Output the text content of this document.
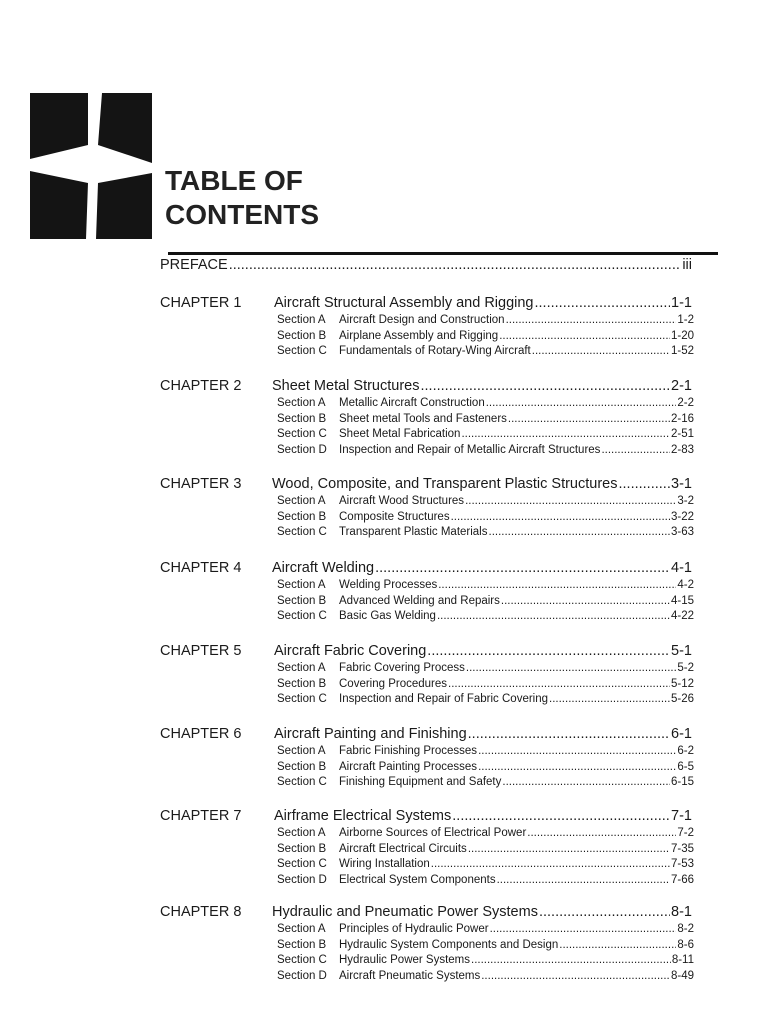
TABLE OF
CONTENTS
PREFACE .....	iii
CHAPTER 1 Aircraft Structural Assembly and Rigging .....	1-1
Section A Aircraft Design and Construction .....	1-2
Section B Airplane Assembly and Rigging .....	1-20
Section C Fundamentals of Rotary-Wing Aircraft .....	1-52
CHAPTER 2 Sheet Metal Structures .....	2-1
Section A Metallic Aircraft Construction .....	2-2
Section B Sheet metal Tools and Fasteners .....	2-16
Section C Sheet Metal Fabrication .....	2-51
Section D Inspection and Repair of Metallic Aircraft Structures .....	2-83
CHAPTER 3 Wood, Composite, and Transparent Plastic Structures .....	3-1
Section A Aircraft Wood Structures .....	3-2
Section B Composite Structures .....	3-22
Section C Transparent Plastic Materials .....	3-63
CHAPTER 4 Aircraft Welding .....	4-1
Section A Welding Processes .....	4-2
Section B Advanced Welding and Repairs .....	4-15
Section C Basic Gas Welding .....	4-22
CHAPTER 5 Aircraft Fabric Covering .....	5-1
Section A Fabric Covering Process .....	5-2
Section B Covering Procedures .....	5-12
Section C Inspection and Repair of Fabric Covering .....	5-26
CHAPTER 6 Aircraft Painting and Finishing .....	6-1
Section A Fabric Finishing Processes .....	6-2
Section B Aircraft Painting Processes .....	6-5
Section C Finishing Equipment and Safety .....	6-15
CHAPTER 7 Airframe Electrical Systems .....	7-1
Section A Airborne Sources of Electrical Power .....	7-2
Section B Aircraft Electrical Circuits .....	7-35
Section C Wiring Installation .....	7-53
Section D Electrical System Components .....	7-66
CHAPTER 8 Hydraulic and Pneumatic Power Systems .....	8-1
Section A Principles of Hydraulic Power .....	8-2
Section B Hydraulic System Components and Design .....	8-6
Section C Hydraulic Power Systems .....	8-11
Section D Aircraft Pneumatic Systems .....	8-49
